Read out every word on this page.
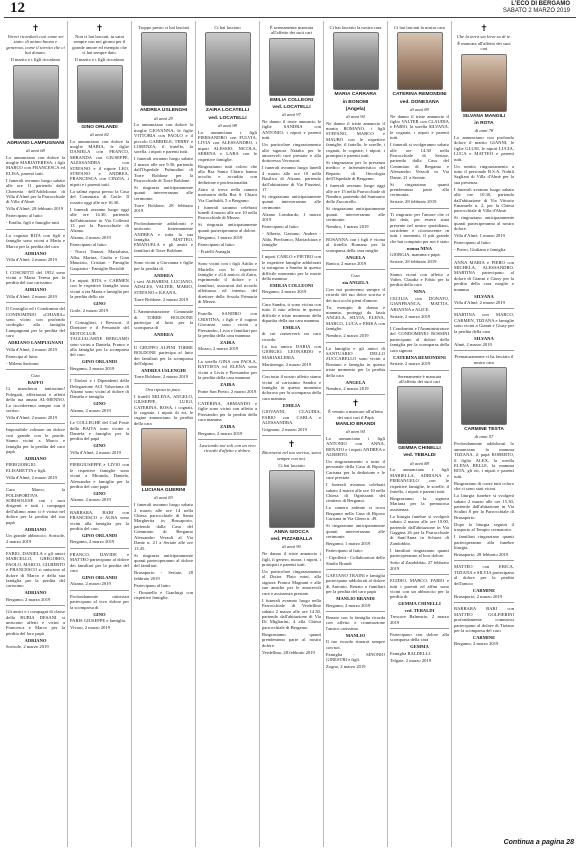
12	L'ECO DI BERGAMO
SABATO 2 MARZO 2019
✝

Vorrei ricordarti così come sei stato: di animo buono e generoso, come il sorriso che ci hai donato.

Il marito e i figli ricordano

ADRIANO LAMPUGNANI
di anni 68

Lo annunciano con dolore la moglie MARIATERESA, i figli MARCO con FRANCESCA ed ELISA, parenti tutti.

I funerali avranno luogo sabato alle ore 11 partendo dalla Chiesetta dell'Addolorata di Villa d'Almè per la Parrocchiale di Villa d'Almè.

Villa d'Almè, 28 febbraio 2019

Partecipano al lutto:

- Emilia, figli e famiglie tutti

La cognata RITA con figli e famiglie sono vicini a Marta e Marco per la perdita del caro

ADRIANO

Villa d'Almè, 2 marzo 2019

I COSCRITTI del 1952 sono vicini a Maria Teresa per la perdita del suo carissimo

ADRIANO

Villa d'Almè, 2 marzo 2019

Il Consiglio ed i Condomini del CONDOMINIO «CHIARA» sono vicini con profondo cordoglio alla famiglia Lampugnani per la perdita del caro

ADRIANO LAMPUGNANI

Villa d'Almè, 2 marzo 2019

Partecipa al lutto:

- Milena Sartirani

Ciao

BAFFO

Ci mancherai tantissimo! Polegatti, affezionati e affetti della tua amata AL-MENNO. Lo ricorderemo sempre con il sorriso.

Villa d'Almè, 2 marzo 2019

Impossibile colmare un dolore così grande con le parole. Siamo vicini a Marco e famiglia per la perdita del caro papà

ADRIANO

PIERGIORGIO, ELISABETTA e figli.

Villa d'Almè, 2 marzo 2019

Caro Marco, la POLISPORTIVA SORISOLESE con i suoi dirigenti e tutti i compagni dell'ultimo anno ti è vicina nel dolore per la perdita del tuo papà

ADRIANO

Un grande abbraccio. Sorisole, 2 marzo 2019

FABIO, DANIELA e gli amici MARCELLO, GREGORIO, PAOLO, MARCO, GILBERTO e FRANCESCO si uniscono al dolore di Marco e della sua famiglia per la perdita del carissimo

ADRIANO

Bergamo, 2 marzo 2019

Gli amici e i compagni di classe della RUBIA DESANI si uniscono affetti e vicini a Francesca e Marco per la perdita del loro papà

ADRIANO

Sorisole, 2 marzo 2019

✝

Non ci hai lasciati, tu sarai sempre con noi giorno per il grande amore ed esempio che ci hai sempre dato.

Il marito e i figli ricordano

GINO ORLANDI
di anni 82

Lo annunciano con dolore la moglie MARIA, le figlie DANIELA con FRANCO, MIRANDA con GIUSEPPE, ALESSANDRA con STEFANO e il nipote LEO, STEFANO e ANDREA, FRANCESCA con CINZIA, i nipoti e i parenti tutti.

La salma riposa presso la Casa del Commiato di Gorle. Il rosario oggi alle ore 16.30.

I funerali avranno luogo oggi alle ore 14.30, partendo dall'abitazione in Via Colleoni 13 per la Parrocchiale di Alzano.

Alzano, 2 marzo 2019

Partecipano al lutto:

- Nucci Tinazzi, Marialuisa, Alba, Marina, Giulia e Gian Maurizio, Cristian - Famiglie Gasparini - Famiglie Bertoldi

Le nipoti RITA e CARMEN con le rispettive famiglie sono vicini a zia Maria e famiglia per la perdita dello zio

GINO

Gorle, 2 marzo 2019

I Consiglieri, i Revisori, il Direttore e il Personale del MOTOCLUB TAGLIACARNE BERGAMO sono vicini a Daniela, Franco e alla famiglia per la scomparsa del caro

GINO ORLANDI

Bergamo, 2 marzo 2019

I Titolari e i Dipendenti della Delegazione ACI Valseriana di Alzano sono vicini al dolore di Daniela e famiglia

GINO

Alzano, 2 marzo 2019

Le COLLEGHE del Cral Poste della BAITA sono vicine a Daniela e famiglia per la perdita del papà

GINO

Villa d'Almè, 2 marzo 2019

PIERGIUSEPPE e LIVIO con le rispettive famiglie sono vicini a Miranda, Daniela, Alessandra e famiglia per la perdita del caro papà

GINO

Alzano, 2 marzo 2019

BARBARA, BABI con FRANCESCO e ALBA sono vicini alla famiglia per la perdita del caro

GINO ORLANDI

Bergamo, 2 marzo 2019

FRANCO, DAVIDE e MATTEO partecipano al dolore dei familiari per la perdita del caro

GINO ORLANDI

Alzano, 2 marzo 2019

Profondamente rattristati partecipano al vivo dolore per la scomparsa di

GINO

PARIS GIUSEPPE e famiglia.

Vivaro, 2 marzo 2019

Troppo presto ci hai lasciati

ANDREA USLENGHI
di anni 29

Lo annunciano con dolore la moglie GIOVANNA, le figlie VITTORIA con PAOLO e il piccolo GABRIELE, TERRY e LORENZA, il fratello, la sorella, i nipoti e parenti tutti.

I funerali avranno luogo sabato 2 marzo alle ore 9.30, partendo dall'Ospedale Pulmodini di Torre Boldone per la Parrocchiale di Torre Boldone.

Si ringrazia anticipatamente quanti interverranno alle cerimonie.

Torre Boldone, 28 febbraio 2019

Profondamente addolorati e uniscono fraternamente ANDREA e tutta la sua famiglia, MATTEO, EMANUELA e gli amici e familiari di Torre Boldone.

Sono vicini a Giovanna e figlie per la perdita di

ANDREA

i soci ALBARESI, LUCIANO, ADALES, VALTER, MARIO, STEFANO e ILEANA.

Torre Boldone, 2 marzo 2019

L'Amministrazione Comunale di TORRE BOLDONE partecipa al lutto per la scomparsa di

ANDREA

Il GRUPPO ALPINI TORRE BOLDONE partecipa al lutto dei familiari per la scomparsa dell'alpino

ANDREA USLENGHI

Torre Boldone, 2 marzo 2019

Ora riposa in pace.

I fratelli MILENA, ANGELO, GIUSEPPE, LUIGI, CATERINA, ROSA, i cognati, le cognate, i nipoti di zii, le cugine annunciano la perdita della cara

LUCIANA GUERINI
di anni 83

I funerali avranno luogo sabato 2 marzo alle ore 14 nella Chiesa parrocchiale di Santa Margherita in Brusaporto, partendo dalla Casa del Commiato di Bergamo Alessandro Vezzoli al Via Dante n. 21 a Seriate alle ore 13.45.

Si ringrazia anticipatamente quanti parteciperanno al dolore del familiari.

Brusaporto - Seriate, 28 febbraio 2019

Partecipano al lutto:

- Donatello e Gianluigi con rispettive famiglie.

Ci hai lasciato

ZAIRA LOCATELLI
ved. LOCATELLI
di anni 98

Lo annunciano i figli PIERSANDRO con FULVIA, LIVIA con ALESSANDRO, i nipoti ALESSIO, NICOLA, SERENA e LARA con le rispettive famiglie.

Ringraziamo tutti coloro che alla Rsa Santa Chiara hanno accolto e accudito con dedizione e professionalità.

Zaira si trova nella camera mortuaria della Rsa S. Chiara Via Garibaldi, 5 a Bergamo.

I funerali saranno celebrati lunedì 4 marzo alle ore 10 nella Parrocchiale di Mezzo.

Si ringrazia anticipatamente quanti parteciperanno al dolore.

Bergamo, 1 marzo 2019

Partecipano al lutto:

- Fratelli Asnaghi

Sono vicini con i figli Attilio e Mariella con le rispettive famiglie e «Gli amici» di Zaira, esprimendo il dolore e i familiari, assicurati dal ricordo affettuoso ed intenso del direttore della Scuola Primaria di Mezzo.

Fratello SANDRO con CRISTINA, i figli e il cugino Giovanni sono vicini a Piersandro, Livia e familiari per la perdita della cara mamma

ZAIRA

Mozzo, 2 marzo 2019

La sorella GINA con PAOLA, BATTISTA ed ELENA sono vicini a Livia e Piersandro per la perdita della cara mamma

ZAIRA

Ponte San Pietro, 2 marzo 2019

CATERINA, ARMANDO e figlie sono vicini con affetto a Piersandro per la perdita della cara mamma

ZAIRA

Bergamo, 2 marzo 2019

Lasciando noi soli con un vivo ricordo d'affetto e dolore.

È serenamente mancata all'affetto dei suoi cari

EMILIA COLLEONI
ved. LOCATELLI
di anni 97

Ne danno il triste annuncio le figlie SANDRA con ANTONIO, i nipoti e parenti tutti.

Un particolare ringraziamento alla signora Natalia per le amorevoli cure prestate e alla dottoressa Vavassori.

I funerali avranno luogo lunedì 4 marzo alle ore 10 nella Basilica di Alzano, partendo dall'abitazione di Via Piazzini, 17.

Si ringraziano anticipatamente quanti interverranno alle cerimonie.

Alzano Lombardo, 1 marzo 2019

Partecipano al lutto:

- Alberto, Gaetano, Andrea - Alda, Pierfranco, Mariachiara e famiglie

I nipoti CARLO e PIETRO con le rispettive famiglie addolorati si stringono a Sandra in questo difficile momento per la morte della mamma

EMILIA COLLEONI

Bergamo, 2 marzo 2019

Cara Sandra, ti sono vicina con tutto il mio affetto in questo difficile e triste momento della dipartita della tua cara mamma

EMILIA

di cui conserverò un caro ricordo.

La tua amica DARIA con GIORGIO, LEONARDO e MARIAKLERIA.

Martinengo, 2 marzo 2019

Con tutto il nostro affetto siamo vicini al carissimo Sandra e famiglia in questo momento doloroso per la scomparsa della cara mamma

EMILIA

GIOVANNI, CLAUDIA, FABIO con CARLA e ALESSANDRA.

Grignano, 2 marzo 2019

✝

Ritornerai nel tuo sorriso, sarai sempre con noi.

Ci hai lasciato

ANNA GIOCCA
ved. PIZZABALLA
di anni 90

Ne danno il triste annuncio i figli, il genero, nuora, i nipoti, i pronipoti e parenti tutti.

Un particolare ringraziamento al Dottor Plato mini, alla signora Franca Magnani e alle sue amiche per le amorevoli cure e assistenza prestate.

I funerali avranno luogo nella Parrocchiale di Verdellino sabato 2 marzo alle ore 14.30, partendo dall'abitazione di Via Di Migliarini, 4 alla Chiesa parrocchiale di Bergamo.

Ringraziamo quanti prenderanno parte al nostro dolore.

Verdellino, 28 febbraio 2019

Ci hai lasciato la nostra cara

MARIA CARRARA
in BONOMI
(Angela)
di anni 94

Ne danno il triste annuncio il marito ROMANO, i figli STEFANO, MARCO e MAURO con le rispettive famiglie, il fratello, le sorelle, i cognati, le cognate, i nipoti, i pronipoti e parenti tutti.

Si ringraziano per la presenza medico e infermieristico del Reparto di Oncologia dell'Ospedale di Bergamo.

I funerali avranno luogo oggi alle ore 15 nella Parrocchiale di Nembro, partendo dal Santuario della Zuccarello.

Si ringraziano anticipatamente quanti interverranno alle cerimonie.

Nembro, 1 marzo 2019

ROSANNA con i figli è vicina al fratello Romano per la scomparsa della cara moglie

ANGELA

Ranica, 2 marzo 2019

Ciao

zia ANGELA

Con noi porteremo sempre il ricordo del tuo dolce sorriso e dei tuoi occhi pieni d'amore.

Tu, esempio di donna e mamma, proteggi da lassù ANGELA, SILVIA, ELENA, MARCO, LUCA e ERIKA con famiglie.

Nembro, 2 marzo 2019

La famiglia e gli amici di SANTUARIO DELLO ZUCCARELLO sono vicini a Romano e famiglia in questo triste momento per la perdita della cara

ANGELA

Nembro, 2 marzo 2019

✝

È venuto a mancare all'affetto dei suoi cari il Papà

MANLIO BRANDI
di anni 94

Lo annunciano i figli ANTONIO con ANNA, RENATO e i nipoti ANDREA e ALBERTO.

Un ringraziamento a tutto il personale della Casa di Riposo Carisma per la dedizione e le cure prestate.

I funerali avranno celebrati sabato 4 marzo alle ore 10 nella Chiesa di Ognissanti del cimitero di Bergamo.

La camera ardente si trova Bergamo nella Casa di Riposo Carisma in Via Gleno n. 49.

Si ringraziano anticipatamente quanti interverranno alle cerimonie.

Bergamo, 1 marzo 2019

Partecipano al lutto:

- Cipolletti - Collaboratori dello Studio Brandi

GAETANO TRAINI e famiglia partecipano addolorati al dolore di Antonio, Renato e familiari per la perdita del caro papà

MANLIO BRANDI

Bergamo, 2 marzo 2019

Renato con la famiglia ricorda con affetto e commozione l'amico carissimo

MANLIO

Il tuo ricordo rimarrà sempre con noi.

Famiglia - SINONIO GINESTRI e figli.

Zogno, 2 marzo 2019

Ci hai lasciati la nostra cara

CATERINA REMONDINI
ved. DONESANA
di anni 89

Ne danno il triste annuncio il figlio VALTER con CLAUDIA e FABIO, la sorella SILVANA, le cognate, i nipoti e parenti tutti.

I funerali si svolgeranno sabato alle ore 14.30 nella Parrocchiale di Seriate, partendo dalla Casa del Commiato di Bergamo e Alessandro Vezzoli in Via Dante, 21 a Seriate.

Si ringraziano quanti prenderanno parte alla cerimonia.

Seriate, 28 febbraio 2019

Ti ringrazio per l'amore che ci hai dato, per essere stata presente nel nostro quotidiano, sorridente e riconoscente in tutti i momenti, il più grande che hai compiuto per noi è stato

nonna NINA

GIORGIA, mamma e papà.

Seriate, 28 febbraio 2019

Siamo vicini con affetto a Valter, Claudia e Fabio per la perdita della cara

NINA

CECILIA con DONATO, GIANFRANCA, MATTIA, ARIANNA e ALICE.

Seriate, 2 marzo 2019

I Condomini e l'Amministratore del CONDOMINIO ROSSINI partecipano al dolore della famiglia per la scomparsa della cara signora

CATERINA REMONDINI

Seriate, 2 marzo 2019

Serenamente è mancata all'affetto dei suoi cari

GEMMA CHINELLI
ved. TEBALDI
di anni 88

Lo annunciano i figli MARIELLA, ADRIANA e PIERANGELO con le rispettive famiglie, le sorelle, il fratello, i nipoti e parenti tutti.

Ringraziamo la signora Mariana per la premurosa assistenza.

La liturgia funebre si svolgerà sabato 2 marzo alle ore 10.00, partendo dall'abitazione in Via Gaggina 26 per la Parrocchiale di Sant'Anna in Schiavi di Zandobbio.

I familiari ringraziano quanti parteciperanno al loro dolore.

Sotto al Zandobbio, 27 febbraio 2019

EGIDIO, MARCO, FABIO e tutti i parenti ed affini sono vicini con un abbraccio per la perdita di

GEMMA CHINELLI
ved. TEBALDI

Trescore Balneario, 2 marzo 2019

Partecipano con dolore alla scomparsa della cara

GEMMA

Famiglia BALDELLI.

Telgate, 2 marzo 2019

✝

Che la terra sia lieve su di te.

È mancata all'affetto dei suoi cari

SILVANA MANGILI
in ROTA
di anni 78

Lo annunciano con profondo dolore il marito GIANNI, le figlie GLUSI, le nipoti LUCIA, LUCA e MATTEO e parenti tutti.

Un sentito ringraziamento a tutto il personale R.S.A. Nobili Sagliani di Villa d'Almè per la sua presenza.

I funerali avranno luogo sabato alle ore 10.30, partendo dall'abitazione di Via Vittorio Emanuele n. 2, per la Chiesa parrocchiale di Villa d'Almè.

Si ringraziano anticipatamente quanti parteciperanno al nostro dolore.

Villa d'Almè, 1 marzo 2019

Partecipano al lutto:

- Pietro, Giuliana e famiglia

ANNA MARIA e PIERO con MICHELA, ALESSANDRO, MARTINA partecipano al dolore di Gianni e Giusy per la perdita della cara moglie e mamma

SILVANA

Villa d'Almè, 2 marzo 2019

MARTINA con MARCO, CARMEN, TIZIANA e famiglie sono vicini a Gianni e Giusy per la perdita della cara

SILVANA

Almè, 2 marzo 2019

Prematuramente ci ha lasciato il nostro caro

CARMINE TESTA
di anni 57

Profondamente addolorati lo annunciano la mamma TIZIANA, il papà ROBERTO, il figlio ALEX, la sorella ELENA BELLE, la mamma RITA, gli zii, i nipoti e parenti tutti.

Ringraziano di cuore tutti coloro che ci sono stati vicini.

La liturgia funebre si svolgerà sabato 2 marzo alle ore 15.30, partendo dall'abitazione in Via Scalini 8 per la Parrocchiale di Brusaporto.

Dopo la liturgia seguirà il trasporto al Tempio crematorio.

I familiari ringraziano quanti parteciperanno alla funebre liturgia.

Brusaporto, 28 febbraio 2019

MATTEO con ERICA, TIZIANA e SILVIA partecipano al dolore per la perdita dell'amico

CARMINE

Brusaporto, 2 marzo 2019

BARBARA BARI con MATTEO GOLFIERINI profondamente commossi partecipano al dolore di Tiziano per la scomparsa del caro

CARMINE

Bergamo, 2 marzo 2019

Continua a pagina 28
